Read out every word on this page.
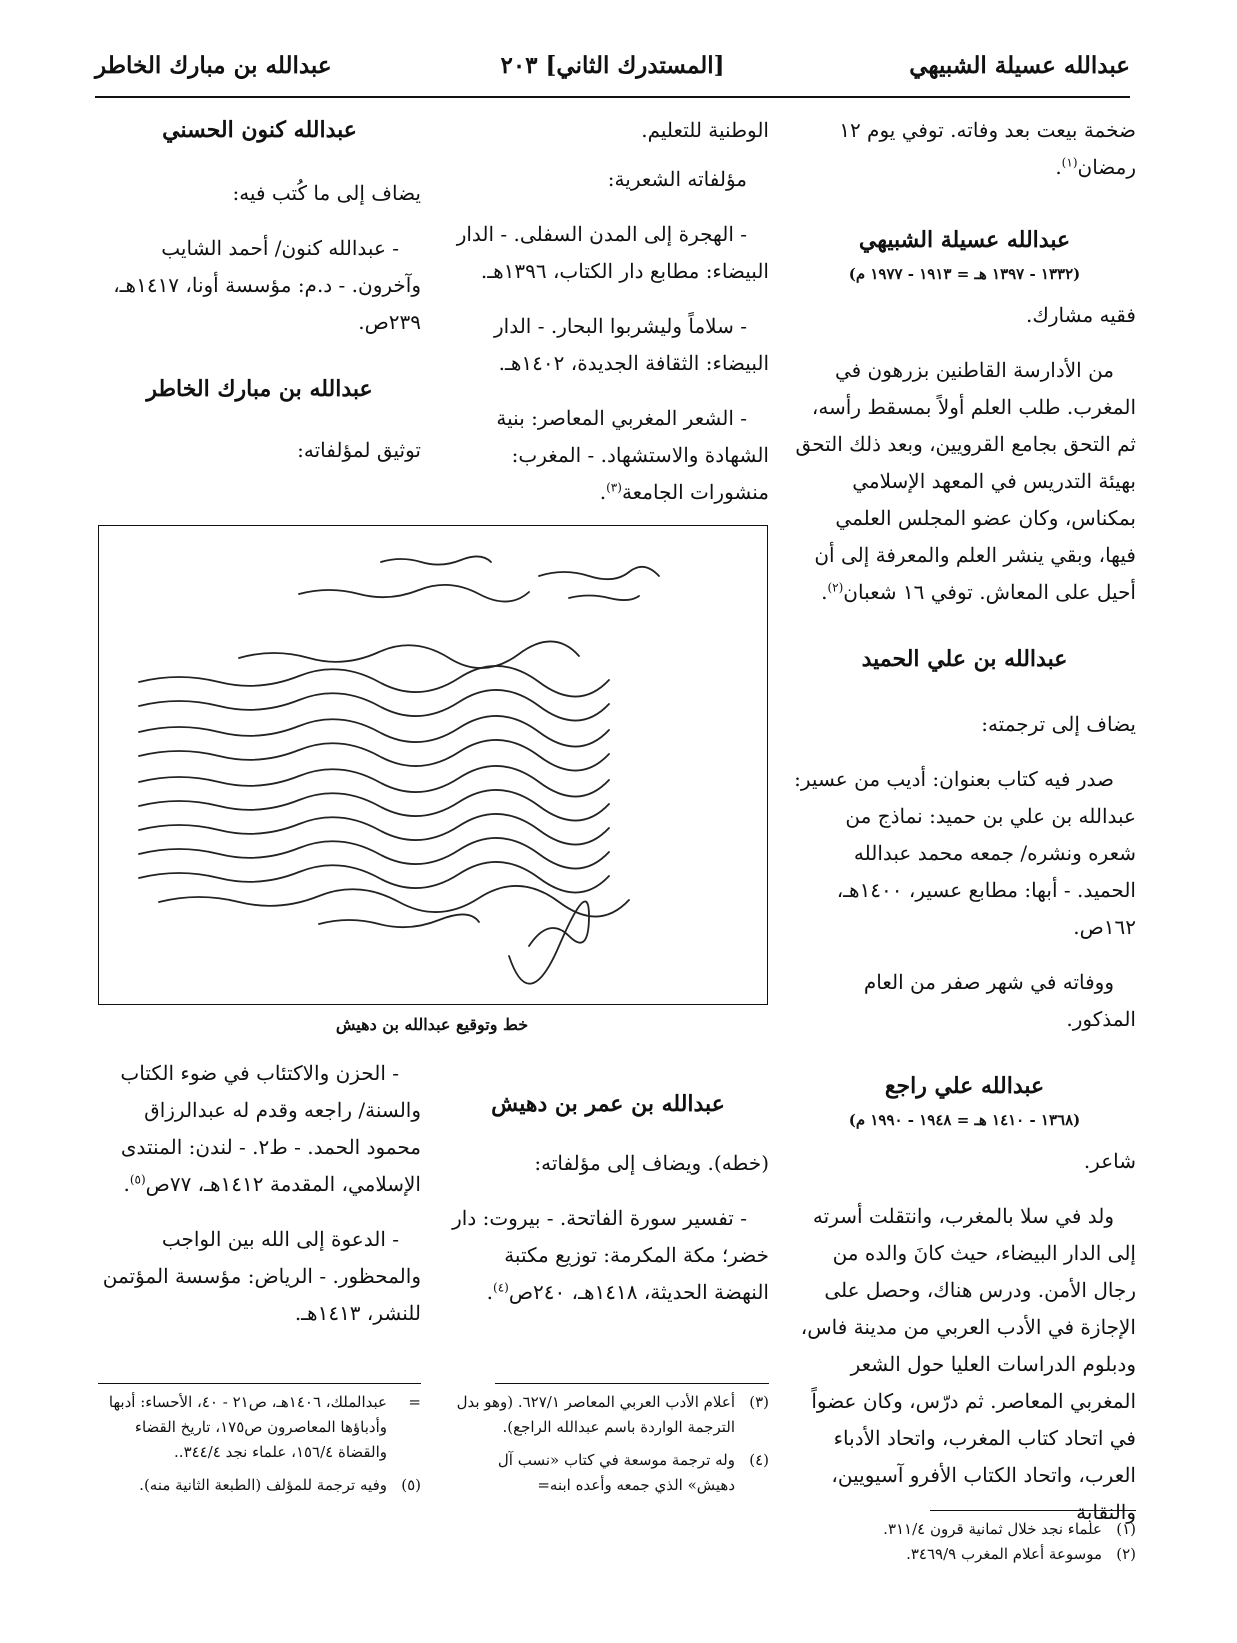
عبدالله عسيلة الشبيهي
[المستدرك الثاني] ٢٠٣
عبدالله بن مبارك الخاطر

ضخمة بيعت بعد وفاته. توفي يوم ١٢ رمضان$^{(١)}$.

عبدالله عسيلة الشبيهي
(١٣٣٢ - ١٣٩٧ هـ = ١٩١٣ - ١٩٧٧ م)

فقيه مشارك.

من الأدارسة القاطنين بزرهون في المغرب. طلب العلم أولاً بمسقط رأسه، ثم التحق بجامع القرويين، وبعد ذلك التحق بهيئة التدريس في المعهد الإسلامي بمكناس، وكان عضو المجلس العلمي فيها، وبقي ينشر العلم والمعرفة إلى أن أحيل على المعاش. توفي ١٦ شعبان$^{(٢)}$.

عبدالله بن علي الحميد

يضاف إلى ترجمته:

صدر فيه كتاب بعنوان: أديب من عسير: عبدالله بن علي بن حميد: نماذج من شعره ونشره/ جمعه محمد عبدالله الحميد. - أبها: مطابع عسير، ١٤٠٠هـ، ١٦٢ص.

ووفاته في شهر صفر من العام المذكور.

عبدالله علي راجع
(١٣٦٨ - ١٤١٠ هـ = ١٩٤٨ - ١٩٩٠ م)

شاعر.

ولد في سلا بالمغرب، وانتقلت أسرته إلى الدار البيضاء، حيث كانَ والده من رجال الأمن. ودرس هناك، وحصل على الإجازة في الأدب العربي من مدينة فاس، ودبلوم الدراسات العليا حول الشعر المغربي المعاصر. ثم درّس، وكان عضواً في اتحاد كتاب المغرب، واتحاد الأدباء العرب، واتحاد الكتاب الأفرو آسيويين، والنقابة

الوطنية للتعليم.

مؤلفاته الشعرية:

- الهجرة إلى المدن السفلى. - الدار البيضاء: مطابع دار الكتاب، ١٣٩٦هـ.

- سلاماً وليشربوا البحار. - الدار البيضاء: الثقافة الجديدة، ١٤٠٢هـ.

- الشعر المغربي المعاصر: بنية الشهادة والاستشهاد. - المغرب: منشورات الجامعة$^{(٣)}$.

عبدالله كنون الحسني

يضاف إلى ما كُتب فيه:

- عبدالله كنون/ أحمد الشايب وآخرون. - د.م: مؤسسة أونا، ١٤١٧هـ، ٢٣٩ص.

عبدالله بن مبارك الخاطر

توثيق لمؤلفاته:

خط وتوقيع عبدالله بن دهيش
عبدالله بن عمر بن دهيش

(خطه). ويضاف إلى مؤلفاته:

- تفسير سورة الفاتحة. - بيروت: دار خضر؛ مكة المكرمة: توزيع مكتبة النهضة الحديثة، ١٤١٨هـ، ٢٤٠ص$^{(٤)}$.

- الحزن والاكتئاب في ضوء الكتاب والسنة/ راجعه وقدم له عبدالرزاق محمود الحمد. - ط٢. - لندن: المنتدى الإسلامي، المقدمة ١٤١٢هـ، ٧٧ص$^{(٥)}$.

- الدعوة إلى الله بين الواجب والمحظور. - الرياض: مؤسسة المؤتمن للنشر، ١٤١٣هـ.

(١)
علماء نجد خلال ثمانية قرون ٣١١/٤.
(٢)
موسوعة أعلام المغرب ٣٤٦٩/٩.
(٣)
أعلام الأدب العربي المعاصر ٦٢٧/١. (وهو بدل الترجمة الواردة باسم عبدالله الراجع).
(٤)
وله ترجمة موسعة في كتاب «نسب آل دهيش» الذي جمعه وأعده ابنه=
=
عبدالملك، ١٤٠٦هـ، ص٢١ - ٤٠، الأحساء: أدبها وأدباؤها المعاصرون ص١٧٥، تاريخ القضاء والقضاة ١٥٦/٤، علماء نجد ٣٤٤/٤..
(٥)
وفيه ترجمة للمؤلف (الطبعة الثانية منه).
